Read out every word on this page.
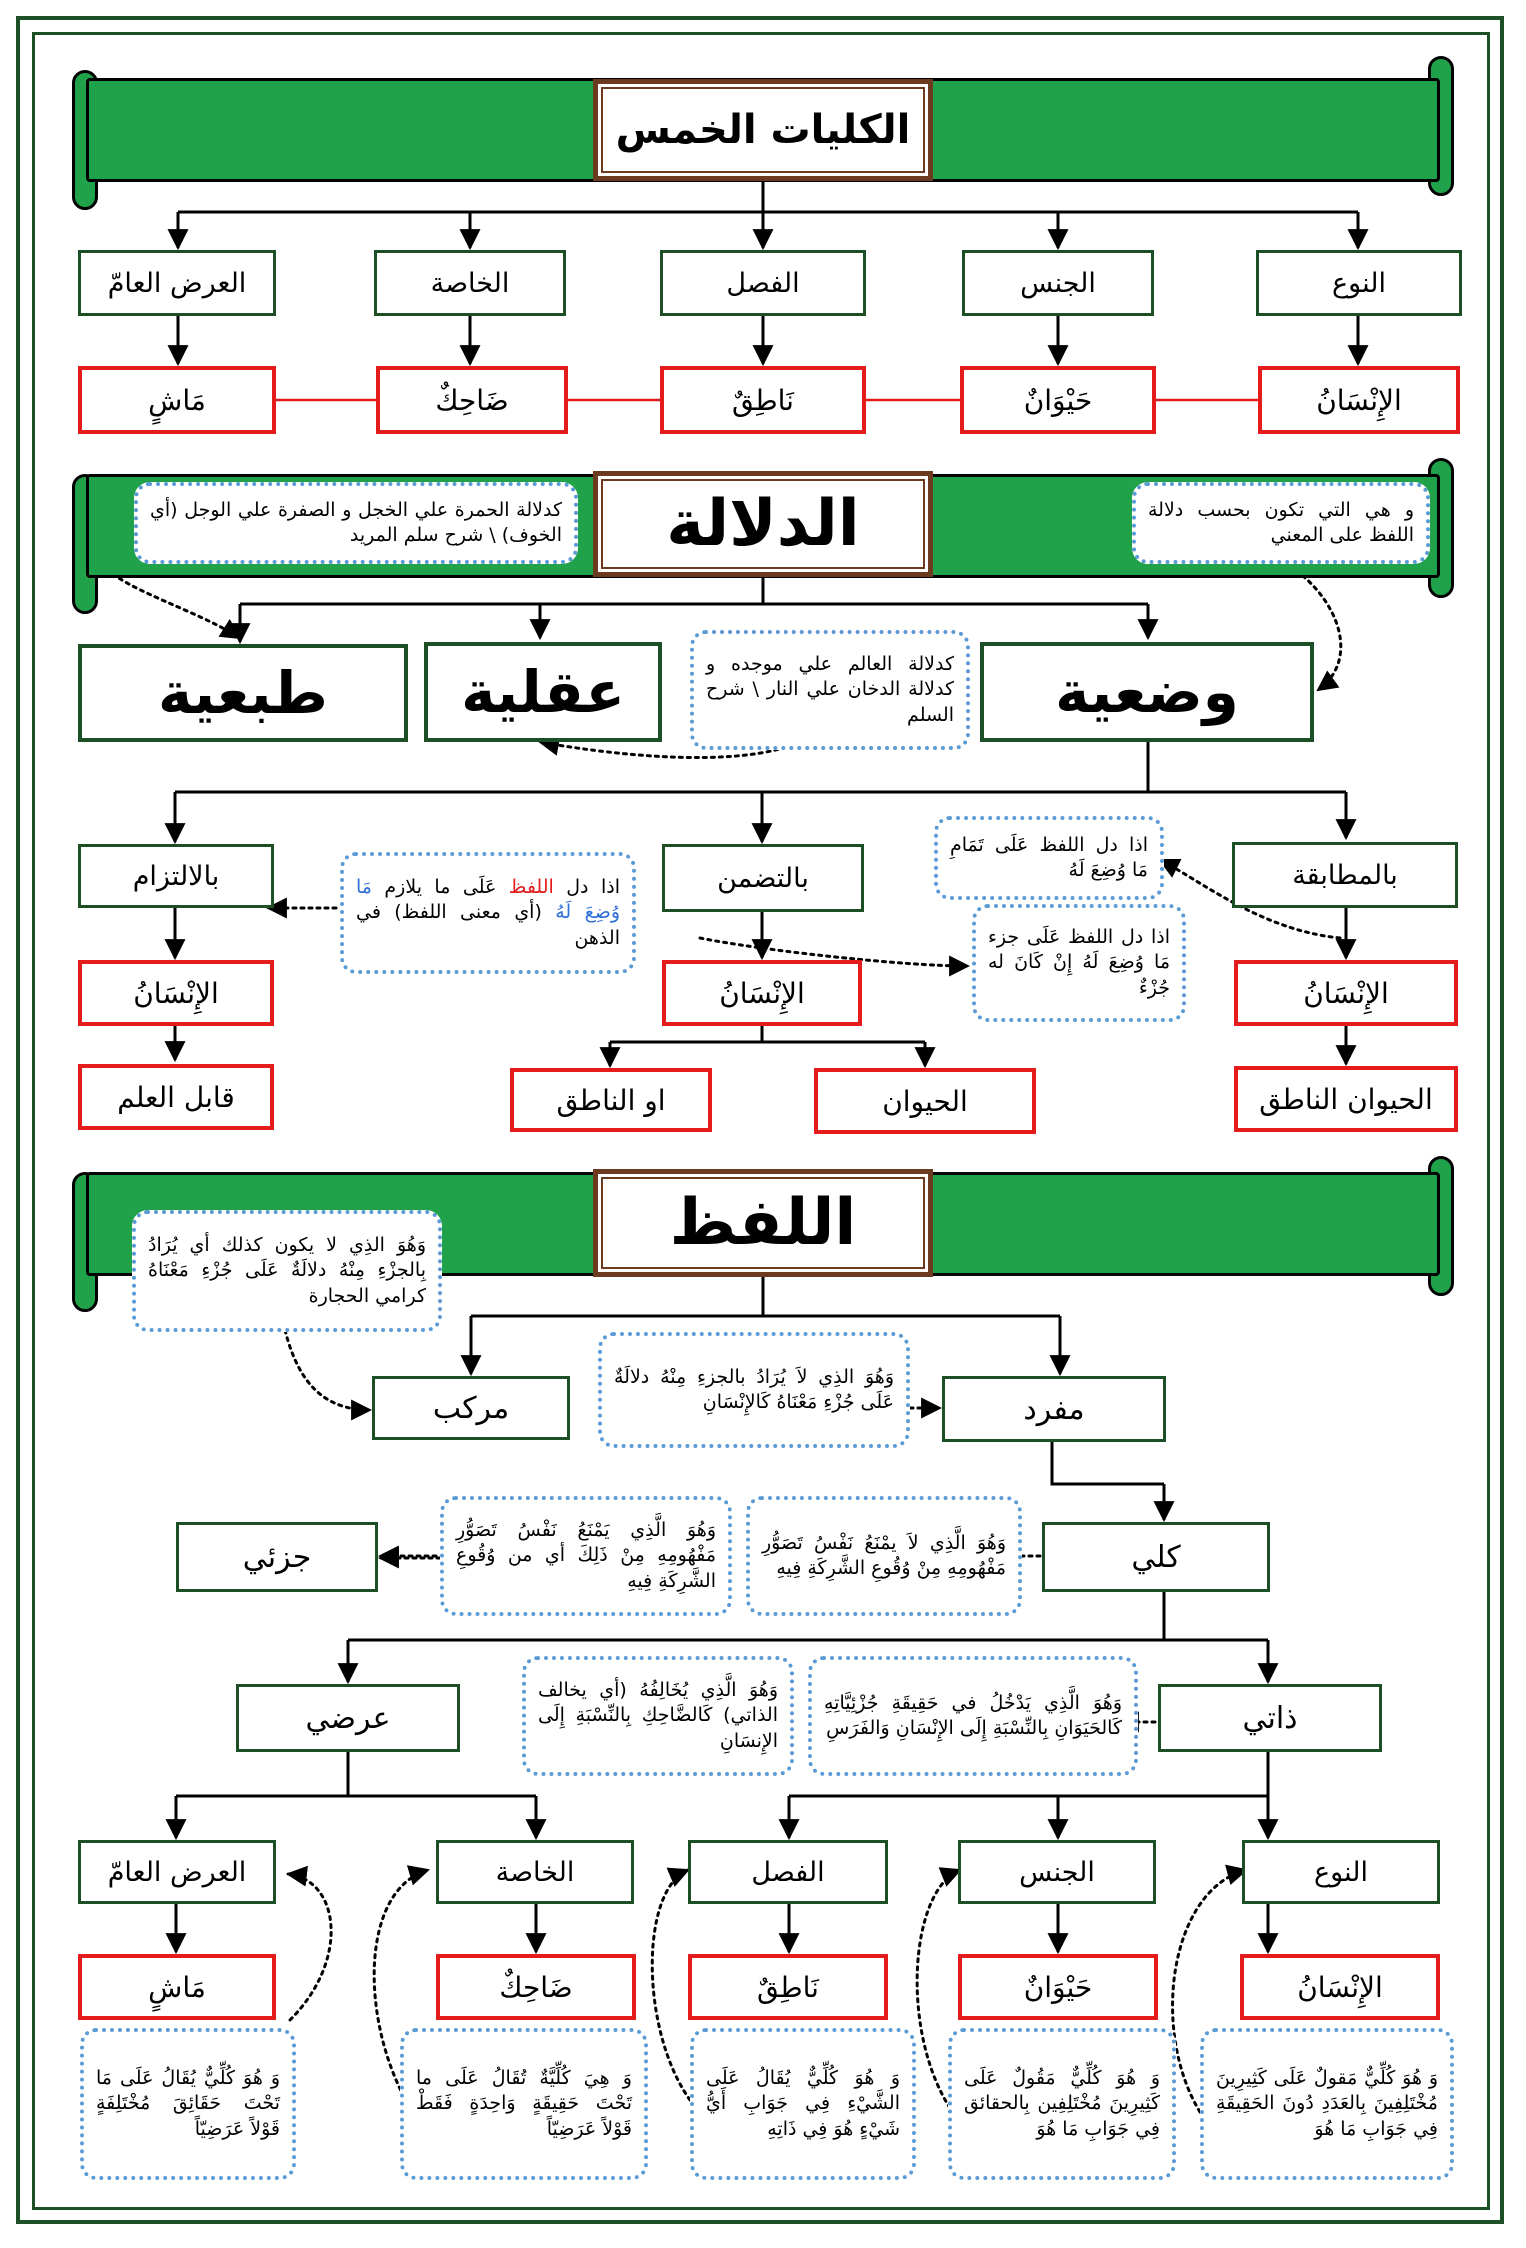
الكليات الخمس
النوع
الجنس
الفصل
الخاصة
العرض العامّ
الإِنْسَانُ
حَيْوَانٌ
نَاطِقٌ
ضَاحِكٌ
مَاشٍ
الدلالة	و هي التي تكون بحسب دلالة اللفظ على المعني
كدلالة الحمرة علي الخجل و الصفرة علي الوجل (أي الخوف) \ شرح سلم المريد
وضعية
عقلية
طبعية	كدلالة العالم علي موجده و كدلالة الدخان علي النار \ شرح السلم
بالمطابقة
بالتضمن
بالالتزام
اذا دل اللفظ عَلَى تَمَامِ مَا وُضِعَ لَهُ
اذا دل اللفظ عَلَى جزء مَا وُضِعَ لَهُ إِنْ كَانَ له جُزْءٌ
اذا دل اللفظ عَلَى ما يلازم مَا وُضِعَ لَهُ (أي معنى اللفظ) في الذهن
الإِنْسَانُ
الإِنْسَانُ
الإِنْسَانُ
الحيوان الناطق
الحيوان
او الناطق
قابل العلم
اللفظ
وَهُوَ الذِي لا يكون كذلك أي يُرَادُ بِالجزْءِ مِنْهُ دلالَةٌ عَلَى جُزْءِ مَعْنَاهُ كرامي الحجارة
مركب	مفرد
وَهُوَ الذِي لاَ يُرَادُ بالجزءِ مِنْهُ دلالَةٌ عَلَى جُزْءِ مَعْنَاهُ كَالإِنْسَانِ
جزئي	كلي
وَهُوَ الَّذِي يَمْنَعُ نَفْسُ تَصَوُّرِ مَفْهُومِهِ مِنْ ذَلِكَ أي من وُقُوعِ الشَّرِكَةِ فِيهِ
وَهُوَ الَّذِي لاَ يمْنَعُ نَفْسُ تَصَوُّرِ مَفْهُومِهِ مِنْ وُقُوعِ الشَّرِكَةِ فِيهِ
عرضي	ذاتي
وَهُوَ الَّذِي يُخَالِفُهُ (أي يخالف الذاتي) كَالضَّاحِكِ بِالنِّسْبَةِ إِلَى الإِنسَانِ
وَهُوَ الَّذِي يَدْخُلُ في حَقِيقَةِ جُزْئِيَّاتِهِ كَالحَيَوَانِ بِالنِّسْبَةِ إِلَى الإِنْسَانِ وَالفَرَسِ
النوع
الجنس
الفصل
الخاصة
العرض العامّ
الإِنْسَانُ
حَيْوَانٌ
نَاطِقٌ
ضَاحِكٌ
مَاشٍ
وَ هُوَ كُلِّيٌّ مَقولٌ عَلَى كَثِيرِينَ مُخْتَلِفِينَ بِالعَدَدِ دُونَ الحَقِيقَةِ فِي جَوَابِ مَا هُوَ
وَ هُوَ كُلِّيٌّ مَقُولٌ عَلَى كَثِيرِينَ مُخْتَلِفِين بِالحقائق فِي جَوَابِ مَا هُوَ
وَ هُوَ كُلِّيٌّ يُقَالُ عَلَى الشَّيْءِ فِي جَوَابِ أَيُّ شَيْءٍ هُوَ فِي ذَاتِهِ
وَ هِيَ كُلِّيَّةٌ تُقَالُ عَلَى ما تَحْتَ حَقِيقَةٍ وَاحِدَةٍ فَقَطْ قَوْلاً عَرَضِيّاً
وَ هُوَ كُلِّيٌّ يُقَالُ عَلَى مَا تَحْتَ حَقَائِقَ مُخْتَلِفَةٍ قَوْلاً عَرَضِيّاً
